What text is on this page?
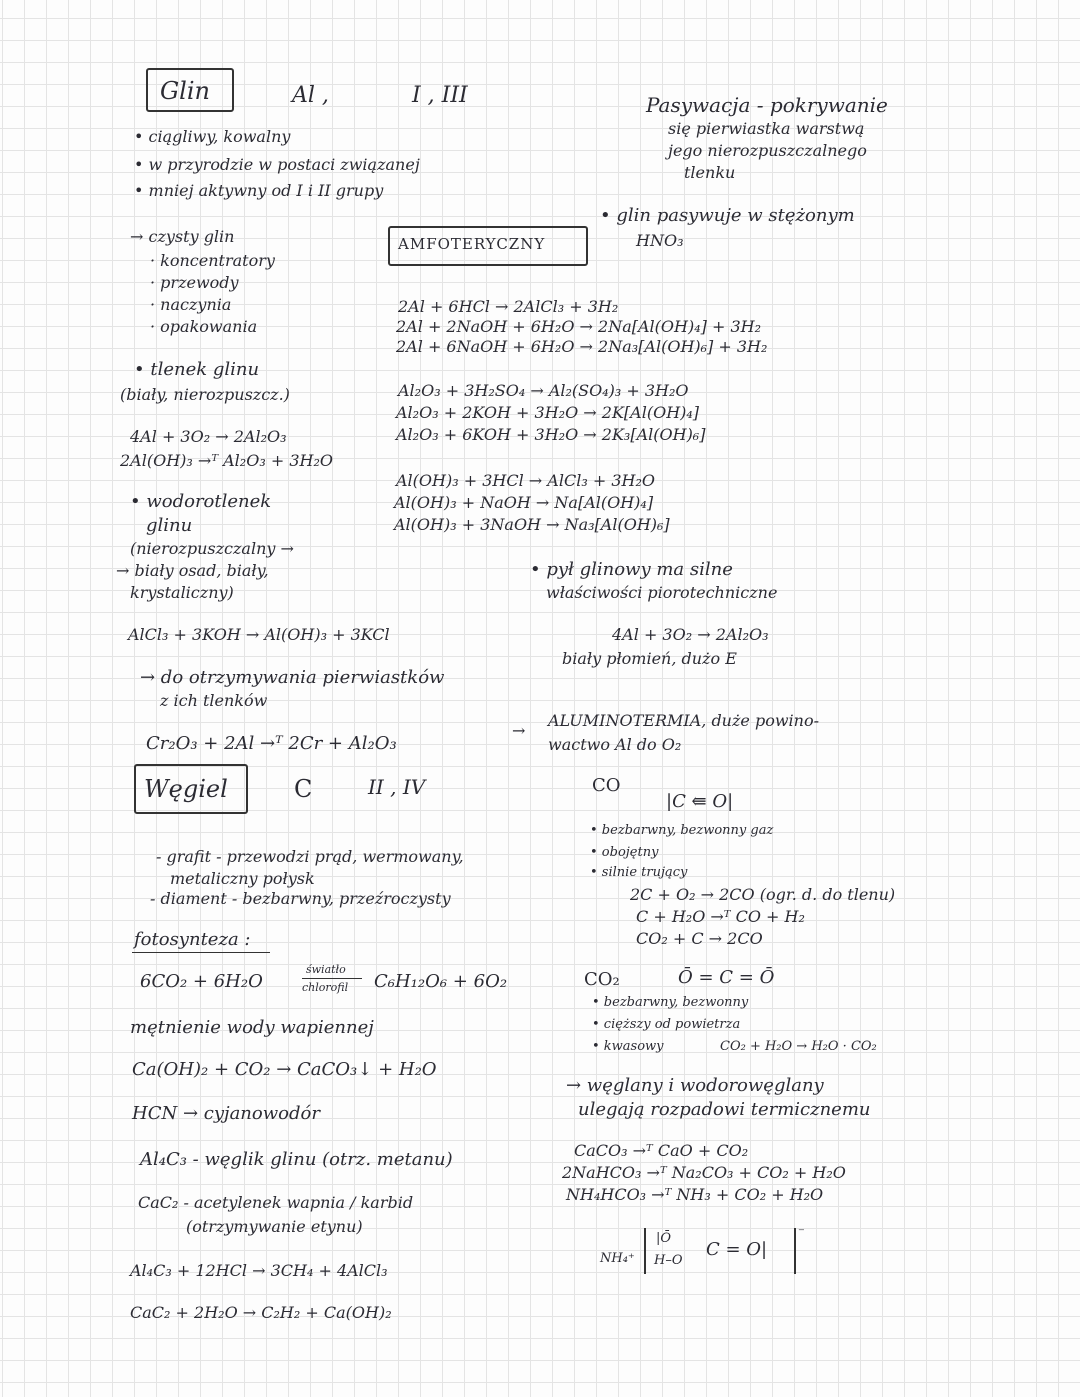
Glin	Al ,	I , III
• ciągliwy, kowalny
• w przyrodzie w postaci związanej
• mniej aktywny od I i II grupy
→ czysty glin
· koncentratory
· przewody
· naczynia
· opakowania
• tlenek glinu
(biały, nierozpuszcz.)
4Al + 3O₂ → 2Al₂O₃
2Al(OH)₃ →ᵀ Al₂O₃ + 3H₂O
• wodorotlenek
glinu
(nierozpuszczalny →
→ biały osad, biały,
krystaliczny)
AlCl₃ + 3KOH → Al(OH)₃ + 3KCl
→ do otrzymywania pierwiastków
z ich tlenków
Cr₂O₃ + 2Al →ᵀ 2Cr + Al₂O₃
Pasywacja - pokrywanie
się pierwiastka warstwą
jego nierozpuszczalnego
tlenku
• glin pasywuje w stężonym
HNO₃
AMFOTERYCZNY
2Al + 6HCl → 2AlCl₃ + 3H₂
2Al + 2NaOH + 6H₂O → 2Na[Al(OH)₄] + 3H₂
2Al + 6NaOH + 6H₂O → 2Na₃[Al(OH)₆] + 3H₂
Al₂O₃ + 3H₂SO₄ → Al₂(SO₄)₃ + 3H₂O
Al₂O₃ + 2KOH + 3H₂O → 2K[Al(OH)₄]
Al₂O₃ + 6KOH + 3H₂O → 2K₃[Al(OH)₆]
Al(OH)₃ + 3HCl → AlCl₃ + 3H₂O
Al(OH)₃ + NaOH → Na[Al(OH)₄]
Al(OH)₃ + 3NaOH → Na₃[Al(OH)₆]
• pył glinowy ma silne
właściwości piorotechniczne
4Al + 3O₂ → 2Al₂O₃
biały płomień, dużo E
→
ALUMINOTERMIA, duże powino-
wactwo Al do O₂
Węgiel	C	II , IV
- grafit - przewodzi prąd, wermowany,
metaliczny połysk
- diament - bezbarwny, przeźroczysty
fotosynteza :
6CO₂ + 6H₂O
światło
chlorofil C₆H₁₂O₆ + 6O₂
mętnienie wody wapiennej
Ca(OH)₂ + CO₂ → CaCO₃↓ + H₂O
HCN → cyjanowodór
Al₄C₃ - węglik glinu (otrz. metanu)
CaC₂ - acetylenek wapnia / karbid
(otrzymywanie etynu)
Al₄C₃ + 12HCl → 3CH₄ + 4AlCl₃
CaC₂ + 2H₂O → C₂H₂ + Ca(OH)₂
CO
|C ⇚ O|
• bezbarwny, bezwonny gaz
• obojętny
• silnie trujący
2C + O₂ → 2CO (ogr. d. do tlenu)
C + H₂O →ᵀ CO + H₂
CO₂ + C → 2CO
CO₂	Ō = C = Ō
• bezbarwny, bezwonny
• cięższy od powietrza
• kwasowy	CO₂ + H₂O → H₂O · CO₂
→ węglany i wodorowęglany
ulegają rozpadowi termicznemu
CaCO₃ →ᵀ CaO + CO₂
2NaHCO₃ →ᵀ Na₂CO₃ + CO₂ + H₂O
NH₄HCO₃ →ᵀ NH₃ + CO₂ + H₂O
NH₄⁺
|Ō
H–O
C = O|
⁻
